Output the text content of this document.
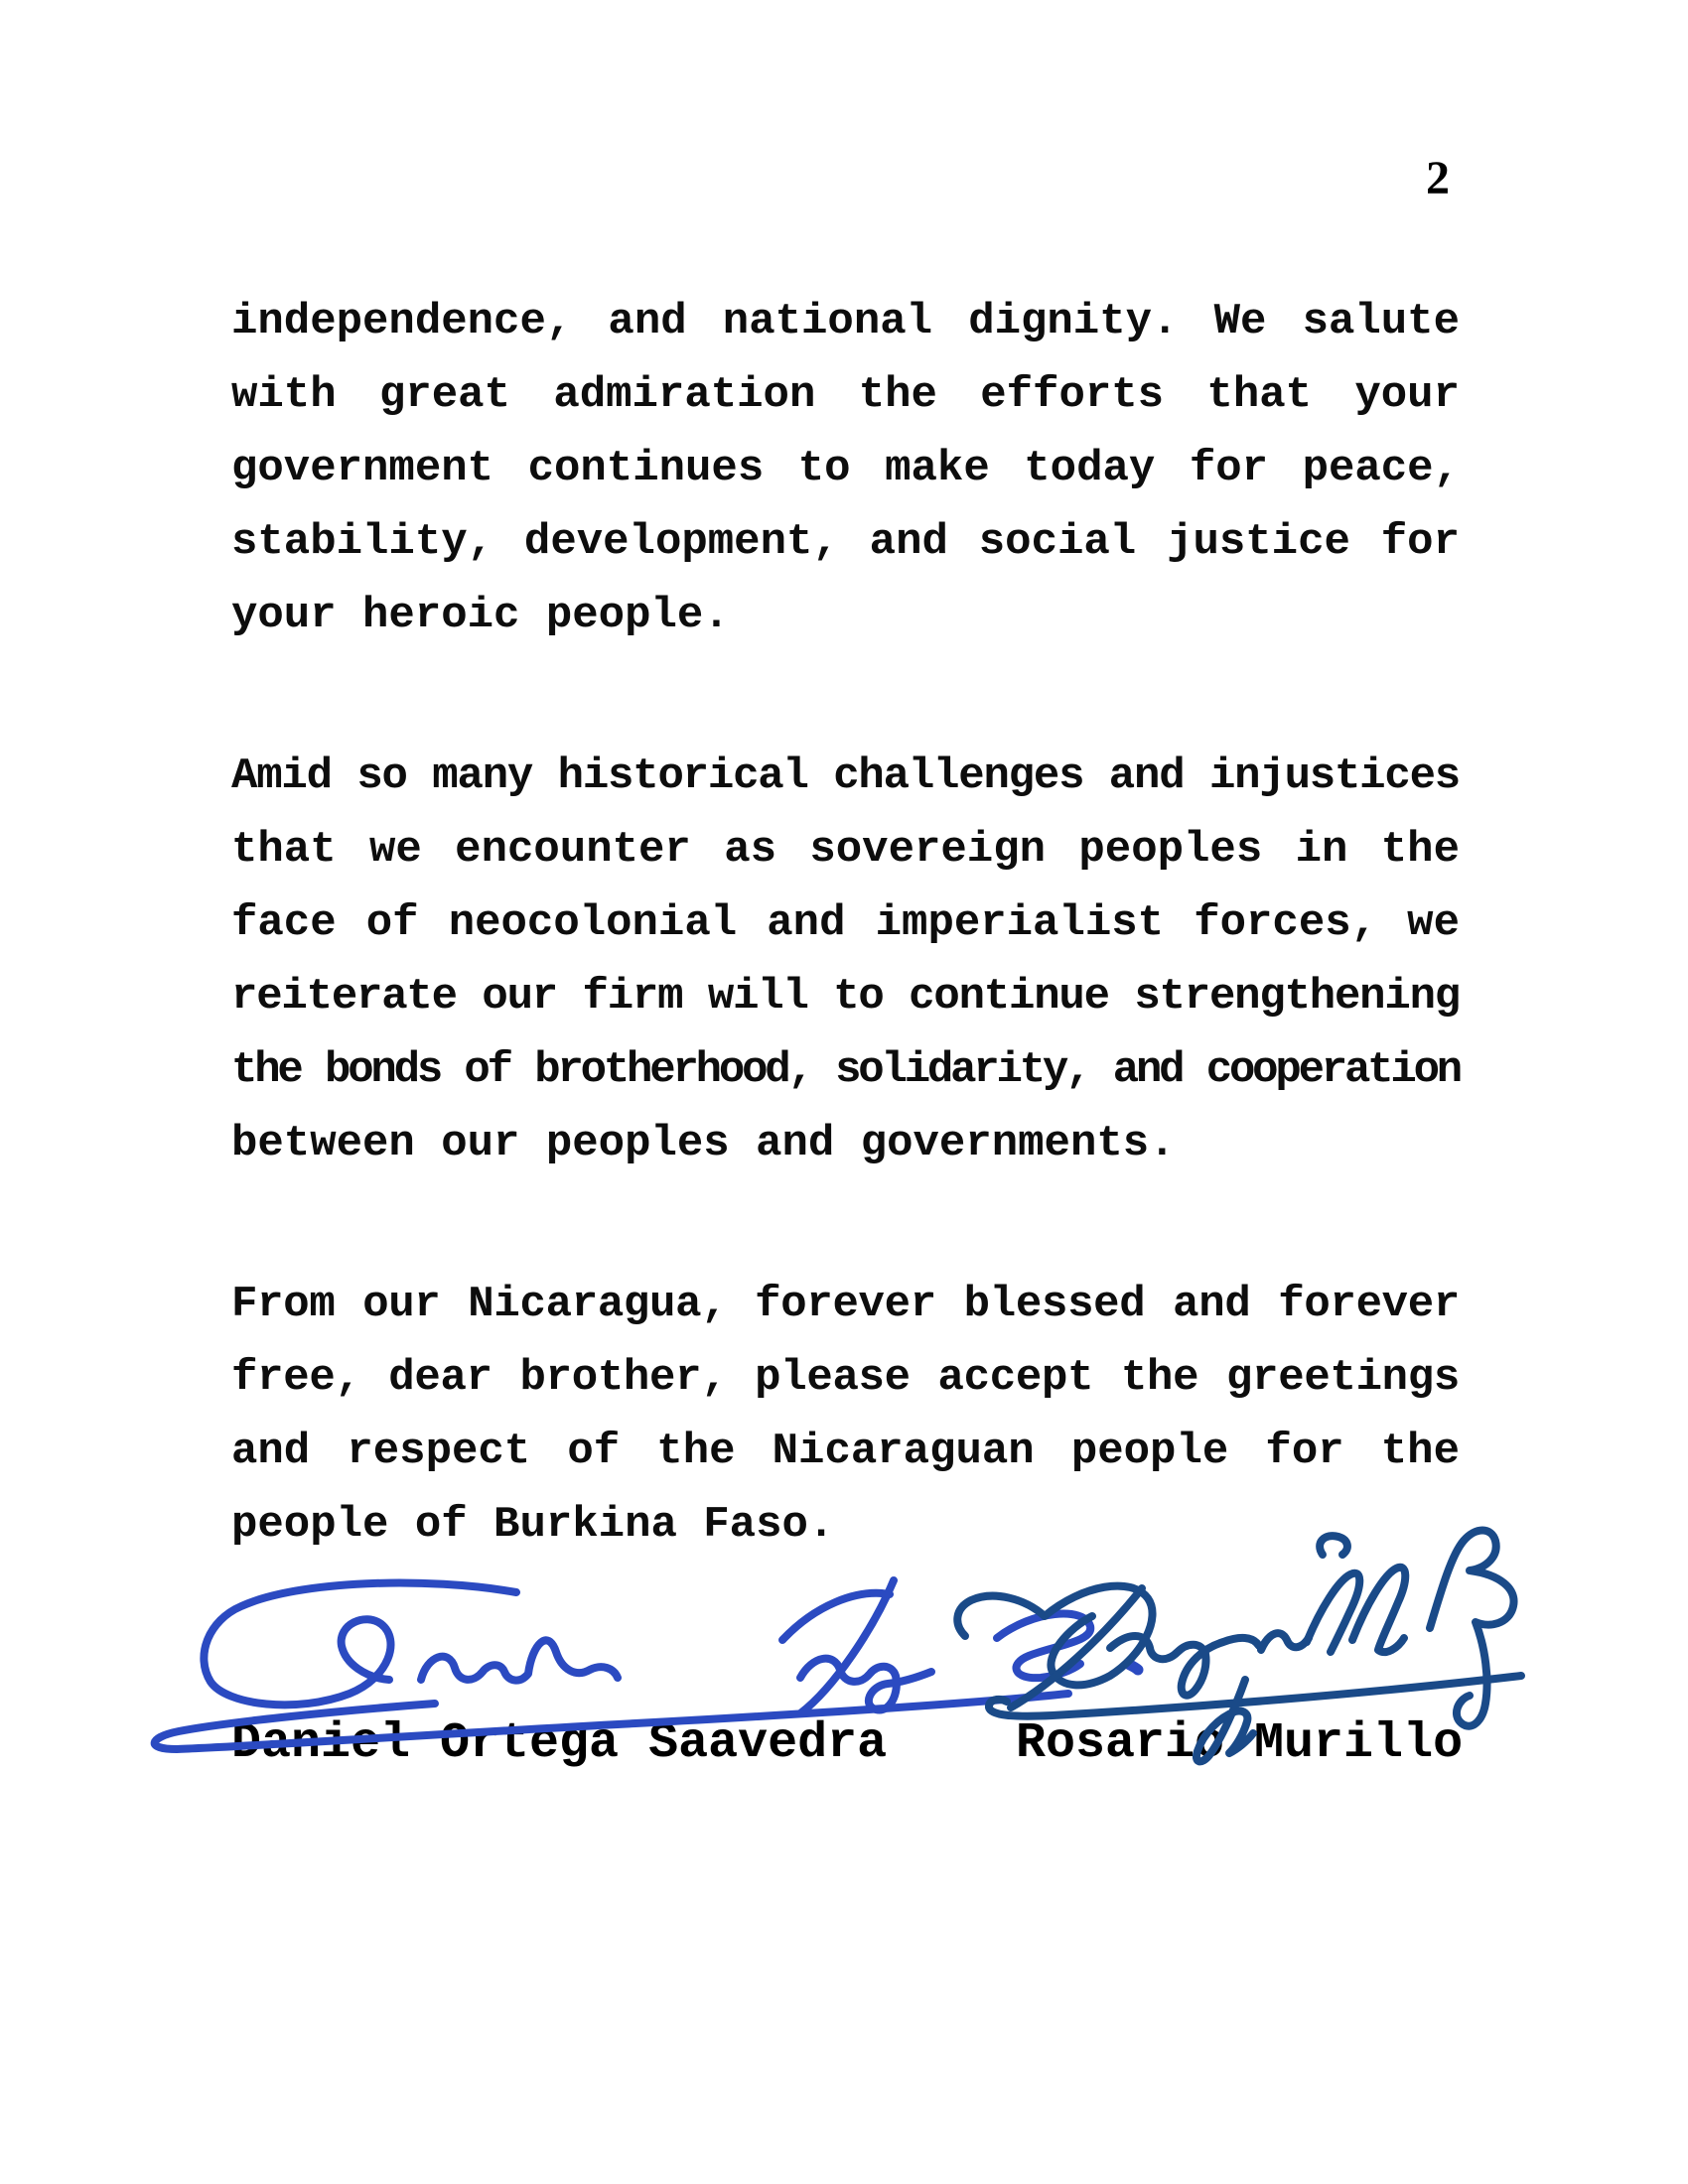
2
independence, and national dignity. We salute
with great admiration the efforts that your
government continues to make today for peace,
stability, development, and social justice for
your heroic people.
Amid so many historical challenges and injustices
that we encounter as sovereign peoples in the
face of neocolonial and imperialist forces, we
reiterate our firm will to continue strengthening
the bonds of brotherhood, solidarity, and cooperation
between our peoples and governments.
From our Nicaragua, forever blessed and forever
free, dear brother, please accept the greetings
and respect of the Nicaraguan people for the
people of Burkina Faso.
Daniel Ortega Saavedra	Rosario Murillo
